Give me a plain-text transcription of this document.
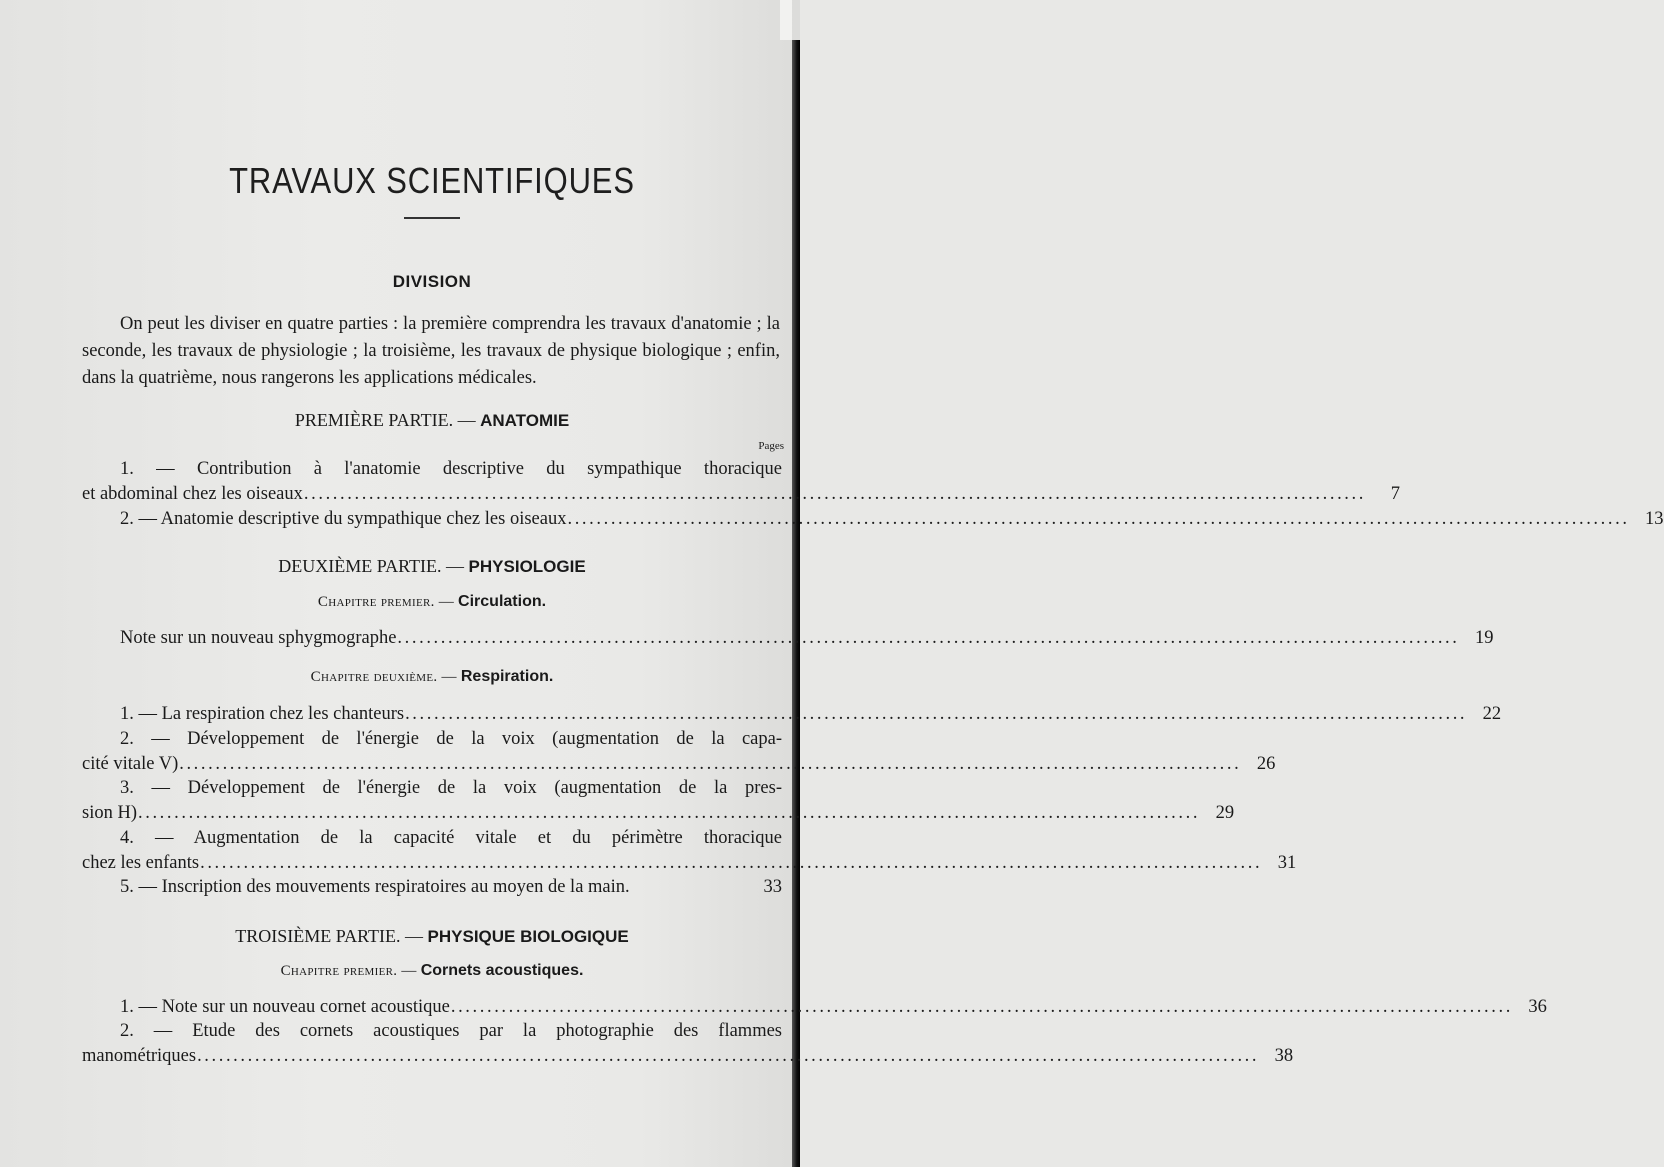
TRAVAUX SCIENTIFIQUES
DIVISION

On peut les diviser en quatre parties : la première comprendra les travaux d'anatomie ; la seconde, les travaux de physiologie ; la troisième, les travaux de physique biologique ; enfin, dans la quatrième, nous rangerons les applications médicales.

PREMIÈRE PARTIE. — ANATOMIE
Pages
1. — Contribution à l'anatomie descriptive du sympathique thoracique
et abdominal chez les oiseaux ...................................................................................................................................................	7
2. — Anatomie descriptive du sympathique chez les oiseaux ................................................................................................................................................... 13
DEUXIÈME PARTIE. — PHYSIOLOGIE
Chapitre premier. — Circulation.
Note sur un nouveau sphygmographe ................................................................................................................................................... 19
Chapitre deuxième. — Respiration.
1. — La respiration chez les chanteurs ................................................................................................................................................... 22
2. — Développement de l'énergie de la voix (augmentation de la capa-
cité vitale V) ................................................................................................................................................... 26
3. — Développement de l'énergie de la voix (augmentation de la pres-
sion H) ................................................................................................................................................... 29
4. — Augmentation de la capacité vitale et du périmètre thoracique
chez les enfants ................................................................................................................................................... 31
5. — Inscription des mouvements respiratoires au moyen de la main.	33
TROISIÈME PARTIE. — PHYSIQUE BIOLOGIQUE
Chapitre premier. — Cornets acoustiques.
1. — Note sur un nouveau cornet acoustique ................................................................................................................................................... 36
2. — Etude des cornets acoustiques par la photographie des flammes
manométriques ................................................................................................................................................... 38
